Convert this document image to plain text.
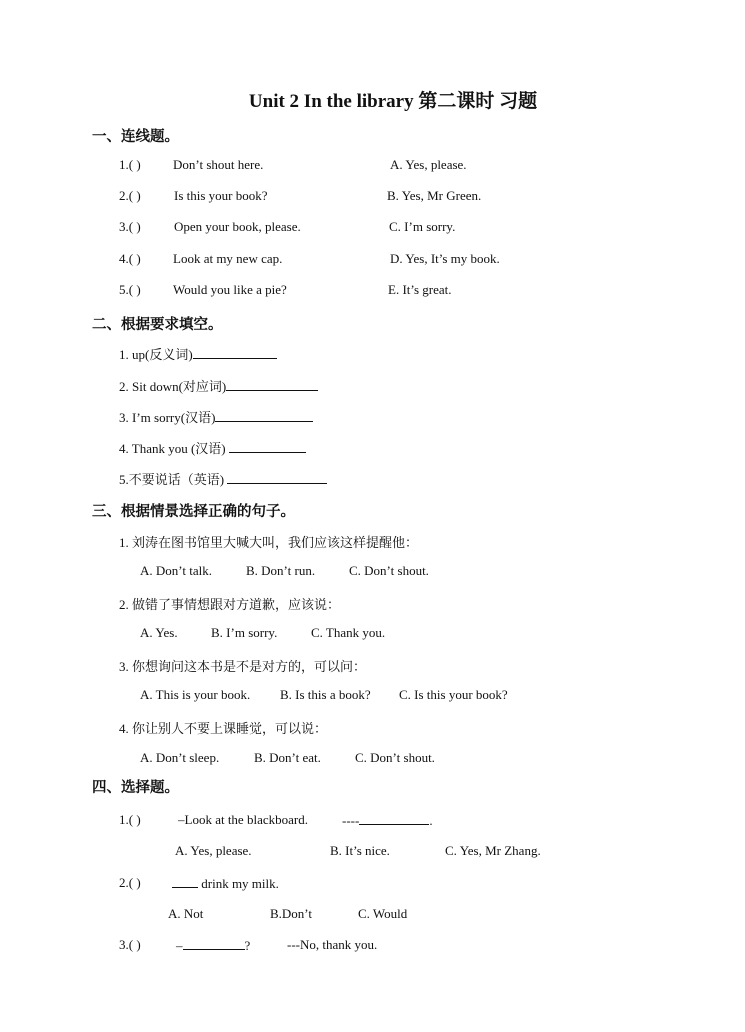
Unit 2 In the library 第二课时 习题
一、连线题。
1.( ) Don’t shout here.	A. Yes, please.
2.( )	Is this your book?	B. Yes, Mr Green.
3.( )	Open your book, please.	C. I’m sorry.
4.( ) Look at my new cap.	D. Yes, It’s my book.
5.( ) Would you like a pie?	E. It’s great.
二、根据要求填空。
1. up(反义词)
2. Sit down(对应词)
3. I’m sorry(汉语)
4. Thank you (汉语)
5.不要说话（英语)
三、根据情景选择正确的句子。
1. 刘涛在图书馆里大喊大叫，我们应该这样提醒他：
A. Don’t talk.	B. Don’t run.	C. Don’t shout.
2. 做错了事情想跟对方道歉，应该说：
A. Yes.	B. I’m sorry.	C. Thank you.
3. 你想询问这本书是不是对方的，可以问：
A. This is your book. B. Is this a book? C. Is this your book?
4. 你让别人不要上课睡觉，可以说：
A. Don’t sleep.	B. Don’t eat.	C. Don’t shout.
四、选择题。
1.( )	–Look at the blackboard.	----	.
A. Yes, please.	B. It’s nice.	C. Yes, Mr Zhang.
2.( )	drink my milk.
A. Not	B.Don’t	C. Would
3.( )	–	?	---No, thank you.
